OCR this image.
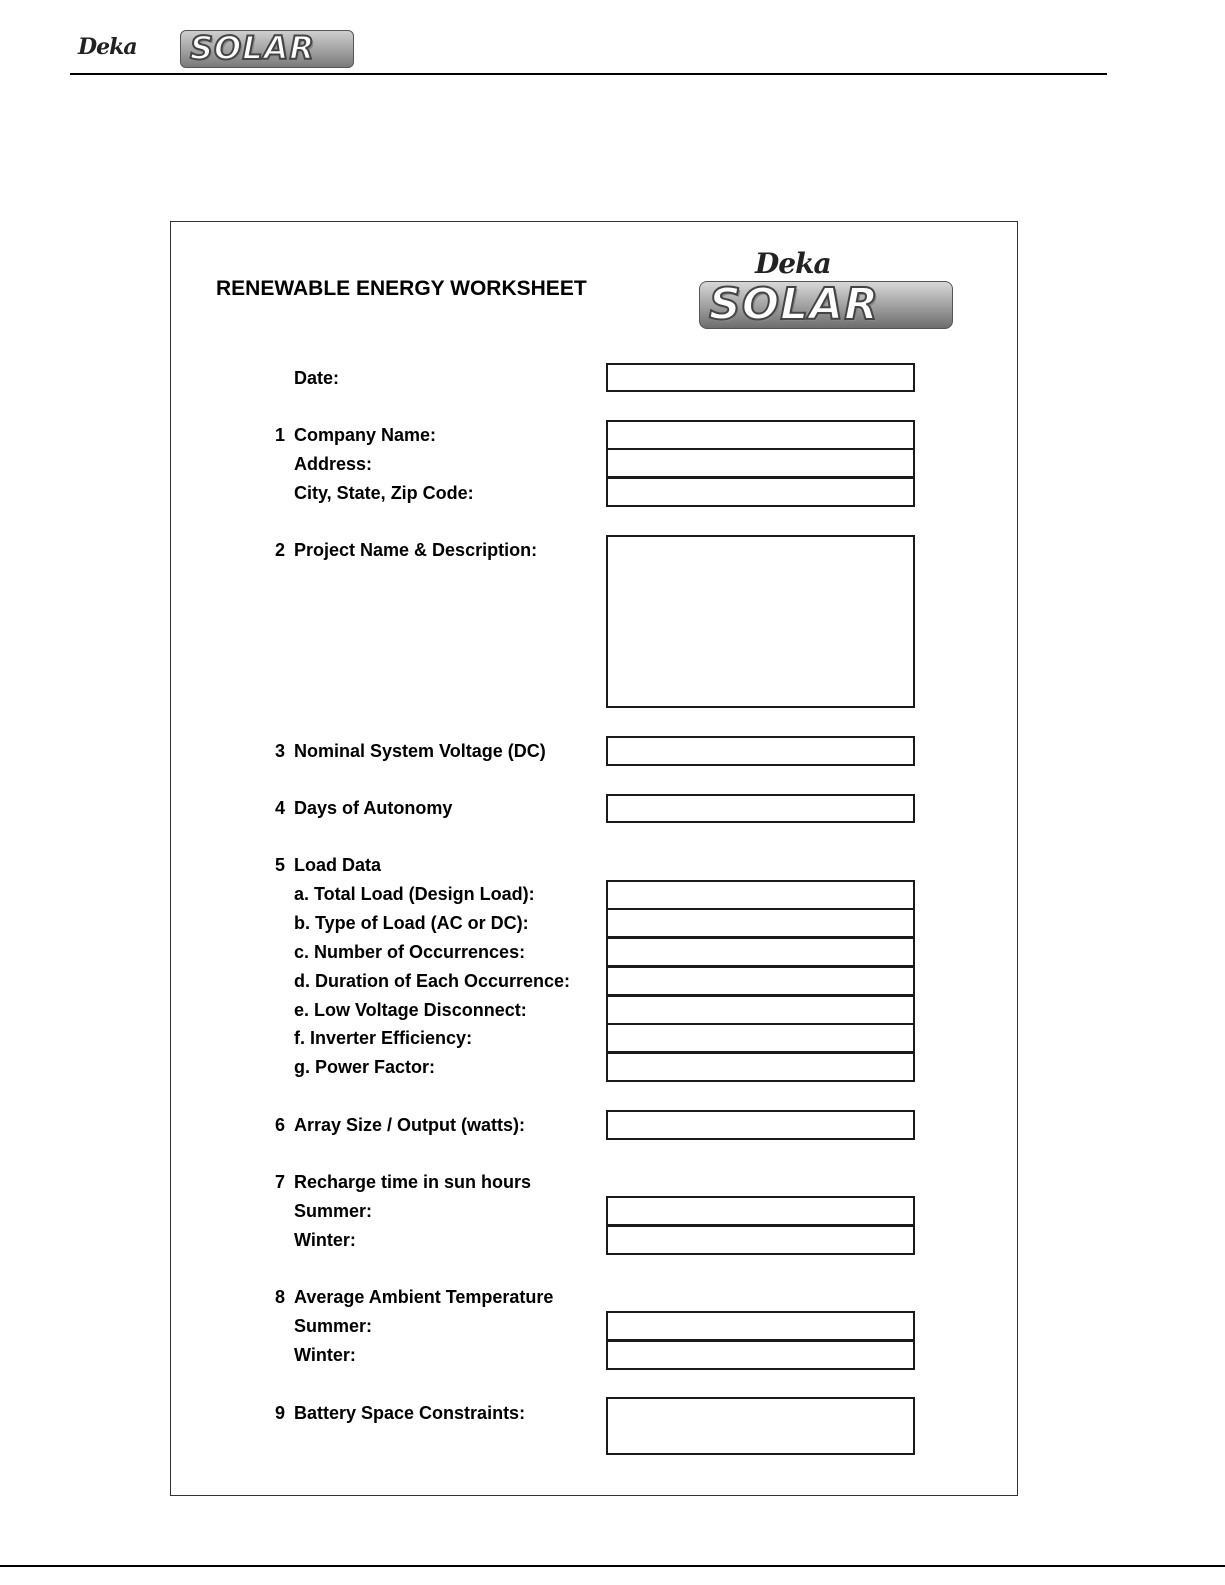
Deka SOLAR
RENEWABLE ENERGY WORKSHEET
Deka
SOLAR
Date:
1 Company Name:
Address:
City, State, Zip Code:
2 Project Name & Description:
3 Nominal System Voltage (DC)
4 Days of Autonomy
5 Load Data
a. Total Load (Design Load):
b. Type of Load (AC or DC):
c. Number of Occurrences:
d. Duration of Each Occurrence:
e. Low Voltage Disconnect:
f. Inverter Efficiency:
g. Power Factor:
6 Array Size / Output (watts):
7 Recharge time in sun hours
Summer:
Winter:
8 Average Ambient Temperature
Summer:
Winter:
9 Battery Space Constraints:
